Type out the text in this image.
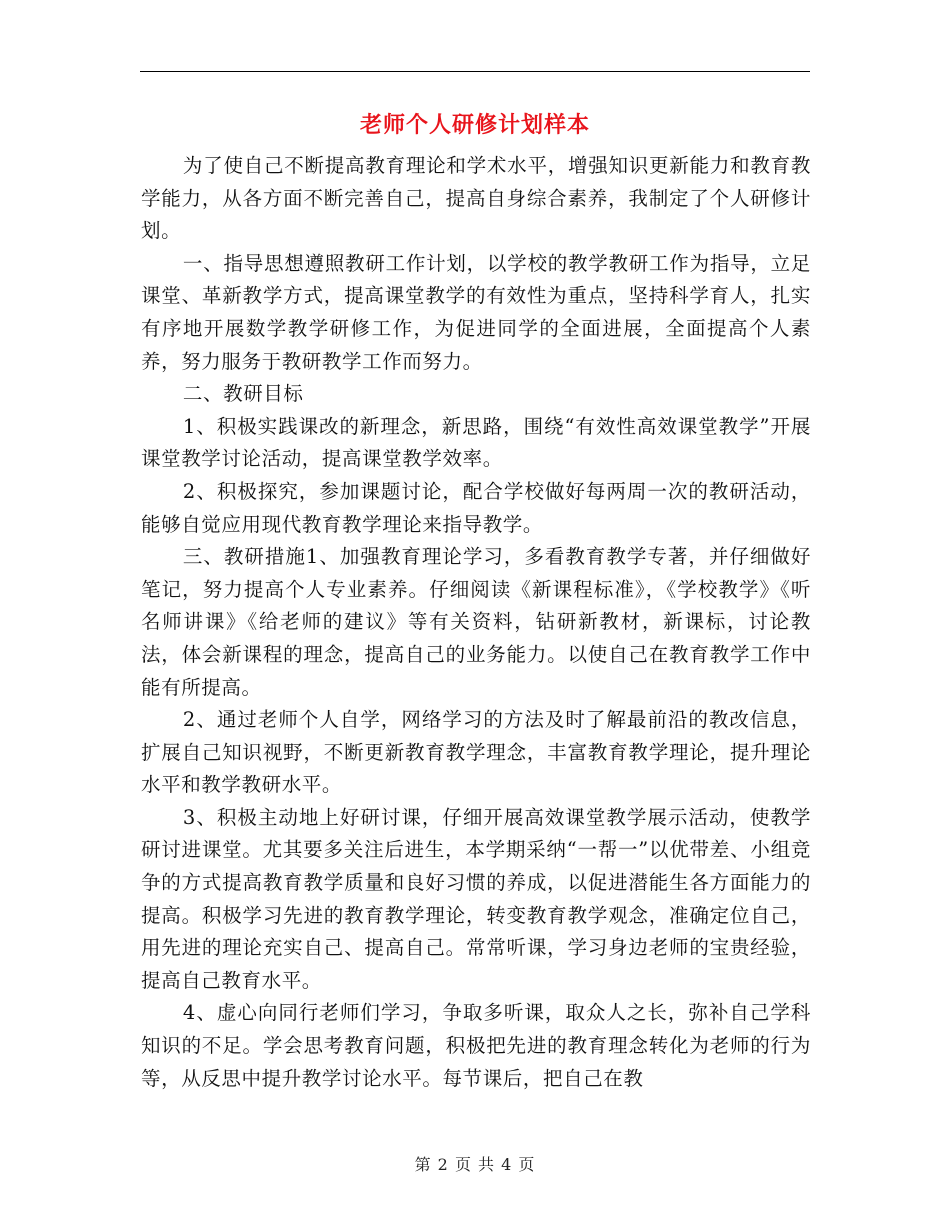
老师个人研修计划样本

为了使自己不断提高教育理论和学术水平，增强知识更新能力和教育教学能力，从各方面不断完善自己，提高自身综合素养，我制定了个人研修计划。

一、指导思想遵照教研工作计划，以学校的教学教研工作为指导，立足课堂、革新教学方式，提高课堂教学的有效性为重点，坚持科学育人，扎实有序地开展数学教学研修工作，为促进同学的全面进展，全面提高个人素养，努力服务于教研教学工作而努力。

二、教研目标

1、积极实践课改的新理念，新思路，围绕“有效性高效课堂教学”开展课堂教学讨论活动，提高课堂教学效率。

2、积极探究，参加课题讨论，配合学校做好每两周一次的教研活动，能够自觉应用现代教育教学理论来指导教学。

三、教研措施1、加强教育理论学习，多看教育教学专著，并仔细做好笔记，努力提高个人专业素养。仔细阅读《新课程标准》，《学校教学》《听名师讲课》《给老师的建议》等有关资料，钻研新教材，新课标，讨论教法，体会新课程的理念，提高自己的业务能力。以使自己在教育教学工作中能有所提高。

2、通过老师个人自学，网络学习的方法及时了解最前沿的教改信息，扩展自己知识视野，不断更新教育教学理念，丰富教育教学理论，提升理论水平和教学教研水平。

3、积极主动地上好研讨课，仔细开展高效课堂教学展示活动，使教学研讨进课堂。尤其要多关注后进生，本学期采纳“一帮一”以优带差、小组竞争的方式提高教育教学质量和良好习惯的养成，以促进潜能生各方面能力的提高。积极学习先进的教育教学理论，转变教育教学观念，准确定位自己，用先进的理论充实自己、提高自己。常常听课，学习身边老师的宝贵经验，提高自己教育水平。

4、虚心向同行老师们学习，争取多听课，取众人之长，弥补自己学科知识的不足。学会思考教育问题，积极把先进的教育理念转化为老师的行为等，从反思中提升教学讨论水平。每节课后，把自己在教

第 2 页 共 4 页
